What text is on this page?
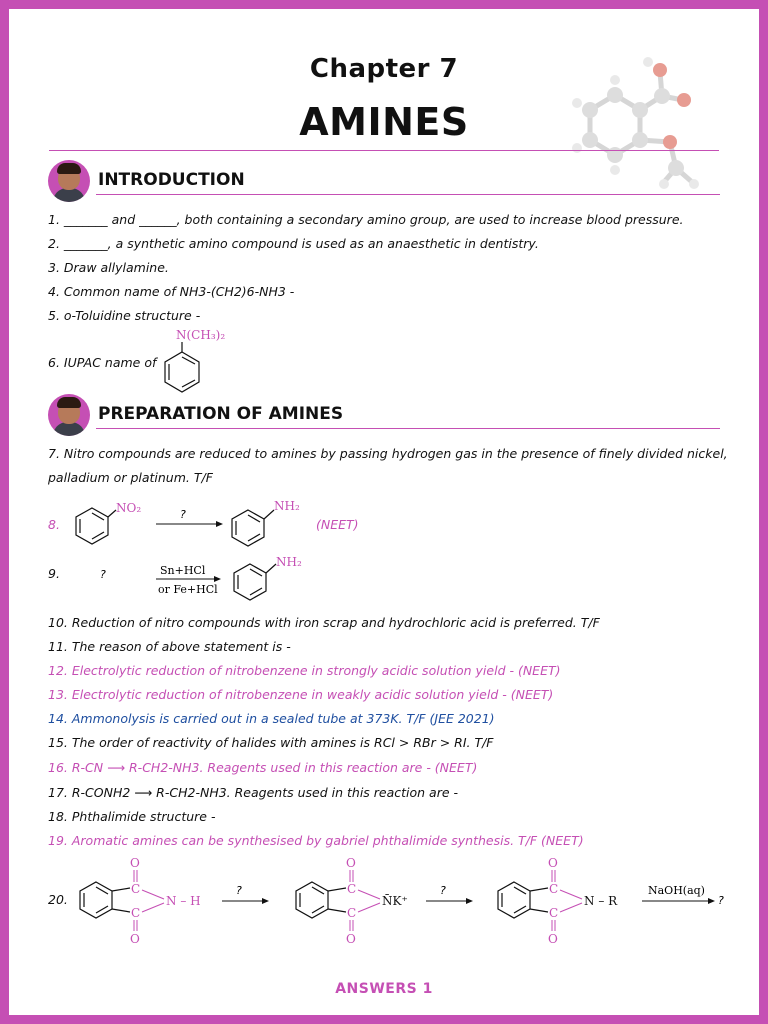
Chapter 7
AMINES
INTRODUCTION
1. _______ and ______, both containing a secondary amino group, are used to increase blood pressure.
2. _______, a synthetic amino compound is used as an anaesthetic in dentistry.
3. Draw allylamine.
4. Common name of NH3-(CH2)6-NH3 -
5. o-Toluidine structure -
6. IUPAC name of
N(CH₃)₂
PREPARATION OF AMINES
7. Nitro compounds are reduced to amines by passing hydrogen gas in the presence of finely divided nickel,
palladium or platinum. T/F
8.
NO₂	?
NH₂
(NEET)
9.	?	Sn+HCl
or Fe+HCl
NH₂
10. Reduction of nitro compounds with iron scrap and hydrochloric acid is preferred. T/F
11. The reason of above statement is -
12. Electrolytic reduction of nitrobenzene in strongly acidic solution yield - (NEET)
13. Electrolytic reduction of nitrobenzene in weakly acidic solution yield - (NEET)
14. Ammonolysis is carried out in a sealed tube at 373K. T/F (JEE 2021)
15. The order of reactivity of halides with amines is RCl > RBr > RI. T/F
16. R-CN ⟶ R-CH2-NH3. Reagents used in this reaction are - (NEET)
17. R-CONH2 ⟶ R-CH2-NH3. Reagents used in this reaction are -
18. Phthalimide structure -
19. Aromatic amines can be synthesised by gabriel phthalimide synthesis. T/F (NEET)
20.
C
C
O
O
N – H
?	C
C
O
O
N̄K⁺
?	C
C
O
O
N – R
NaOH(aq)
?
ANSWERS 1
